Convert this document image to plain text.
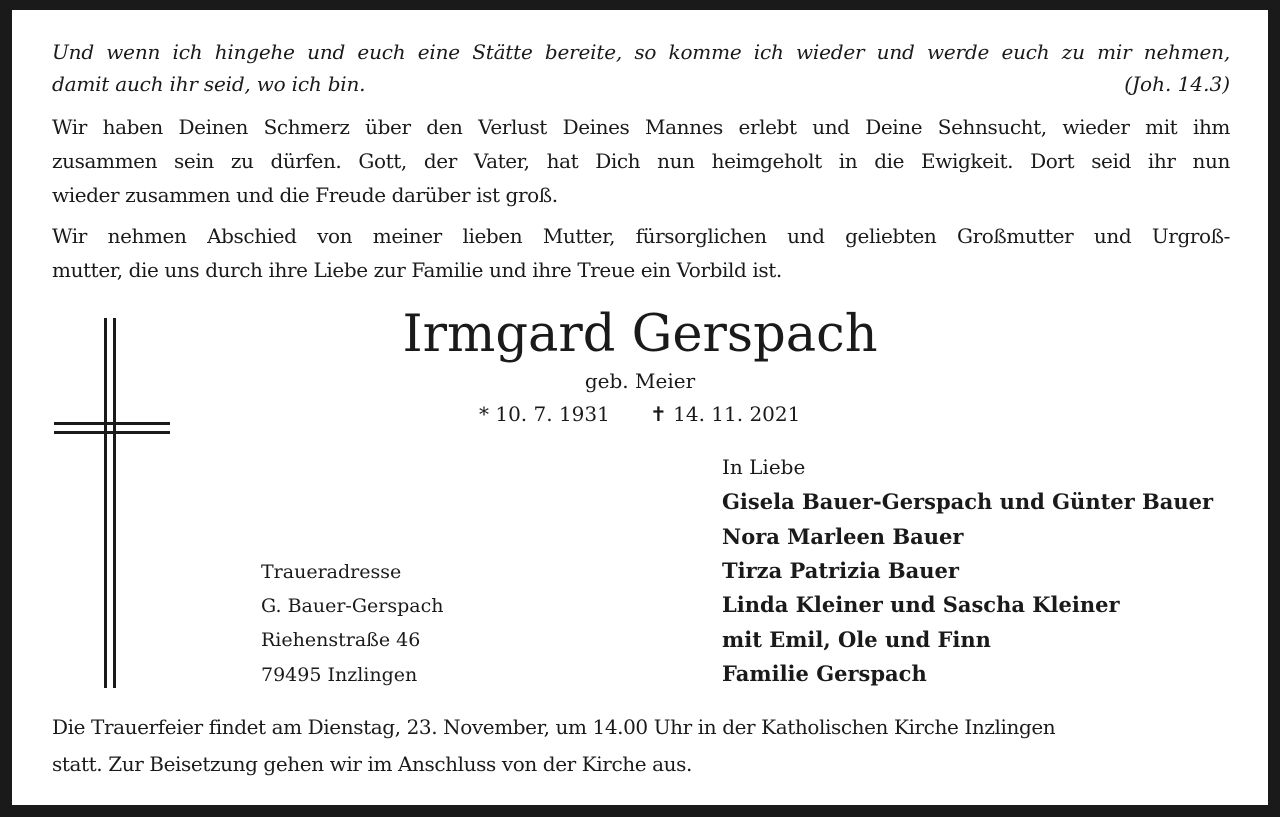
Und wenn ich hingehe und euch eine Stätte bereite, so komme ich wieder und werde euch zu mir nehmen,
damit auch ihr seid, wo ich bin.	(Joh. 14.3)
Wir haben Deinen Schmerz über den Verlust Deines Mannes erlebt und Deine Sehnsucht, wieder mit ihm
zusammen sein zu dürfen. Gott, der Vater, hat Dich nun heimgeholt in die Ewigkeit. Dort seid ihr nun
wieder zusammen und die Freude darüber ist groß.
Wir nehmen Abschied von meiner lieben Mutter, fürsorglichen und geliebten Großmutter und Urgroß-
mutter, die uns durch ihre Liebe zur Familie und ihre Treue ein Vorbild ist.
Irmgard Gerspach
geb. Meier
* 10. 7. 1931 ✝ 14. 11. 2021
In Liebe
Gisela Bauer-Gerspach und Günter Bauer
Nora Marleen Bauer
Tirza Patrizia Bauer
Linda Kleiner und Sascha Kleiner
mit Emil, Ole und Finn
Familie Gerspach
Traueradresse
G. Bauer-Gerspach
Riehenstraße 46
79495 Inzlingen
Die Trauerfeier findet am Dienstag, 23. November, um 14.00 Uhr in der Katholischen Kirche Inzlingen
statt. Zur Beisetzung gehen wir im Anschluss von der Kirche aus.
